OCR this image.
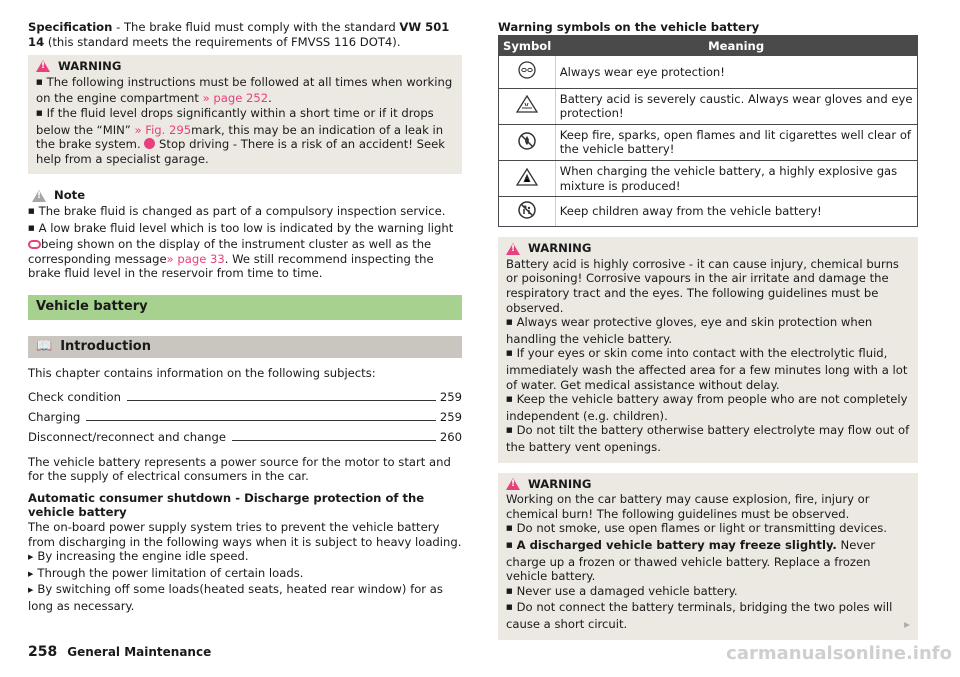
Specification - The brake fluid must comply with the standard VW 501 14 (this standard meets the requirements of FMVSS 116 DOT4).

! WARNING

■ The following instructions must be followed at all times when working on the engine compartment » page 252.

■ If the fluid level drops significantly within a short time or if it drops below the “MIN” » Fig. 295mark, this may be an indication of a leak in the brake system.  Stop driving - There is a risk of an accident! Seek help from a specialist garage.

! Note

■ The brake fluid is changed as part of a compulsory inspection service.

■ A low brake fluid level which is too low is indicated by the warning light being shown on the display of the instrument cluster as well as the corresponding message» page 33. We still recommend inspecting the brake fluid level in the reservoir from time to time.

Vehicle battery
📖 Introduction

This chapter contains information on the following subjects:

Check condition	259
Charging	259
Disconnect/reconnect and change	260

The vehicle battery represents a power source for the motor to start and for the supply of electrical consumers in the car.

Automatic consumer shutdown - Discharge protection of the vehicle battery

The on-board power supply system tries to prevent the vehicle battery from discharging in the following ways when it is subject to heavy loading.

▶ By increasing the engine idle speed.

▶ Through the power limitation of certain loads.

▶ By switching off some loads(heated seats, heated rear window) for as long as necessary.

Warning symbols on the vehicle battery

Symbol	Meaning
	Always wear eye protection!
	Battery acid is severely caustic. Always wear gloves and eye protection!
	Keep fire, sparks, open flames and lit cigarettes well clear of the vehicle battery!
	When charging the vehicle battery, a highly explosive gas mixture is produced!
	Keep children away from the vehicle battery!
! WARNING

Battery acid is highly corrosive - it can cause injury, chemical burns or poisoning! Corrosive vapours in the air irritate and damage the respiratory tract and the eyes. The following guidelines must be observed.

■ Always wear protective gloves, eye and skin protection when handling the vehicle battery.

■ If your eyes or skin come into contact with the electrolytic fluid, immediately wash the affected area for a few minutes long with a lot of water. Get medical assistance without delay.

■ Keep the vehicle battery away from people who are not completely independent (e.g. children).

■ Do not tilt the battery otherwise battery electrolyte may flow out of the battery vent openings.

! WARNING

Working on the car battery may cause explosion, fire, injury or chemical burn! The following guidelines must be observed.

■ Do not smoke, use open flames or light or transmitting devices.

■ A discharged vehicle battery may freeze slightly. Never charge up a frozen or thawed vehicle battery. Replace a frozen vehicle battery.

■ Never use a damaged vehicle battery.

■ Do not connect the battery terminals, bridging the two poles will cause a short circuit.	▸

258 General Maintenance	carmanualsonline.info
